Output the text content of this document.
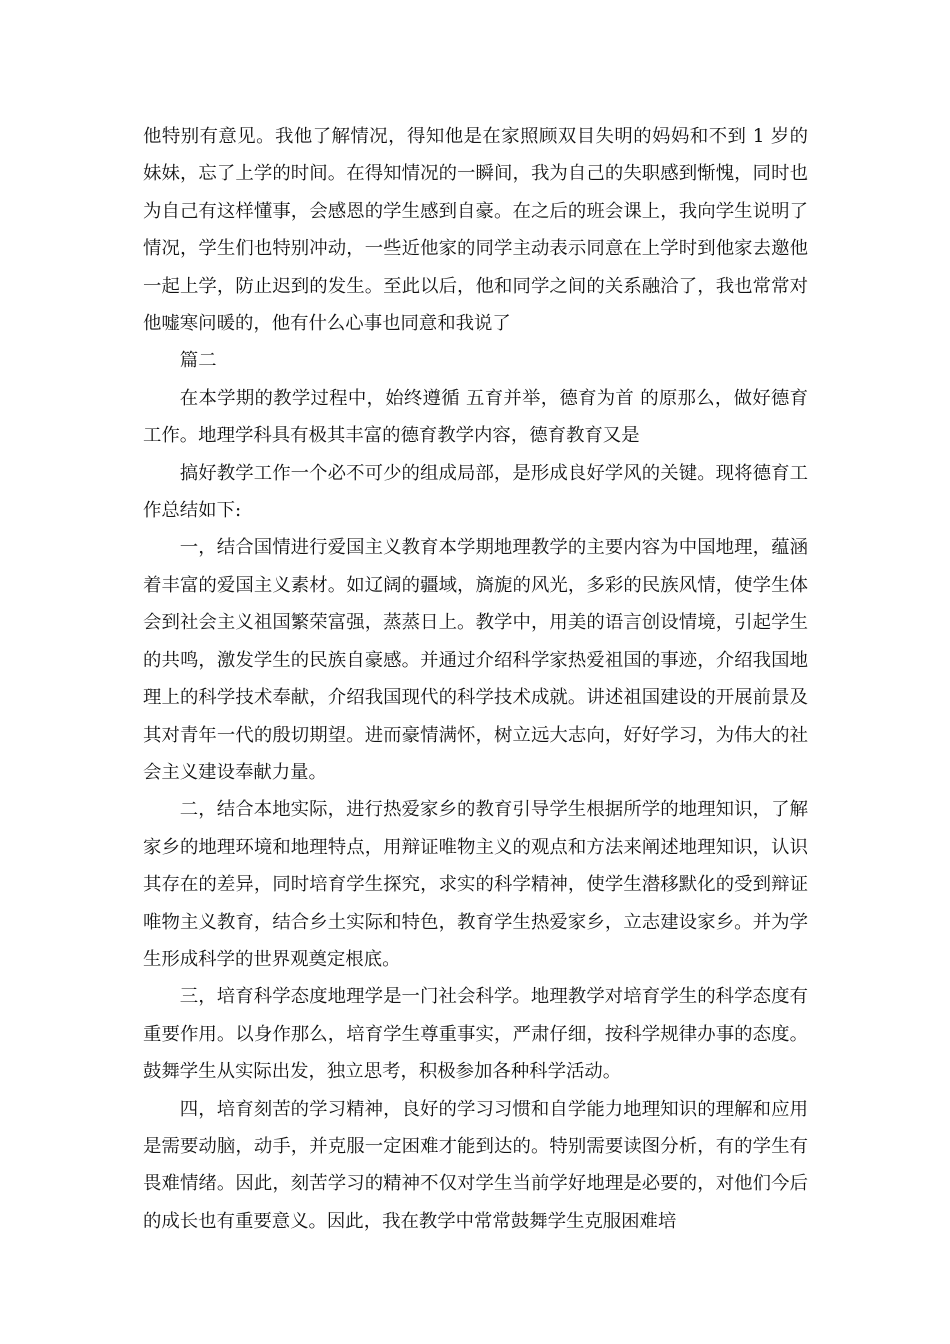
他特别有意见。我他了解情况，得知他是在家照顾双目失明的妈妈和不到 1 岁的妹妹，忘了上学的时间。在得知情况的一瞬间，我为自己的失职感到惭愧，同时也为自己有这样懂事，会感恩的学生感到自豪。在之后的班会课上，我向学生说明了情况，学生们也特别冲动，一些近他家的同学主动表示同意在上学时到他家去邀他一起上学，防止迟到的发生。至此以后，他和同学之间的关系融洽了，我也常常对他嘘寒问暖的，他有什么心事也同意和我说了

篇二

在本学期的教学过程中，始终遵循 五育并举，德育为首 的原那么，做好德育工作。地理学科具有极其丰富的德育教学内容，德育教育又是

搞好教学工作一个必不可少的组成局部，是形成良好学风的关键。现将德育工作总结如下:

一，结合国情进行爱国主义教育本学期地理教学的主要内容为中国地理，蕴涵着丰富的爱国主义素材。如辽阔的疆域，旖旎的风光，多彩的民族风情，使学生体会到社会主义祖国繁荣富强，蒸蒸日上。教学中，用美的语言创设情境，引起学生的共鸣，激发学生的民族自豪感。并通过介绍科学家热爱祖国的事迹，介绍我国地理上的科学技术奉献，介绍我国现代的科学技术成就。讲述祖国建设的开展前景及其对青年一代的殷切期望。进而豪情满怀，树立远大志向，好好学习，为伟大的社会主义建设奉献力量。

二，结合本地实际，进行热爱家乡的教育引导学生根据所学的地理知识，了解家乡的地理环境和地理特点，用辩证唯物主义的观点和方法来阐述地理知识，认识其存在的差异，同时培育学生探究，求实的科学精神，使学生潜移默化的受到辩证唯物主义教育，结合乡土实际和特色，教育学生热爱家乡，立志建设家乡。并为学生形成科学的世界观奠定根底。

三，培育科学态度地理学是一门社会科学。地理教学对培育学生的科学态度有重要作用。以身作那么，培育学生尊重事实，严肃仔细，按科学规律办事的态度。鼓舞学生从实际出发，独立思考，积极参加各种科学活动。

四，培育刻苦的学习精神，良好的学习习惯和自学能力地理知识的理解和应用是需要动脑，动手，并克服一定困难才能到达的。特别需要读图分析，有的学生有畏难情绪。因此，刻苦学习的精神不仅对学生当前学好地理是必要的，对他们今后的成长也有重要意义。因此，我在教学中常常鼓舞学生克服困难培
